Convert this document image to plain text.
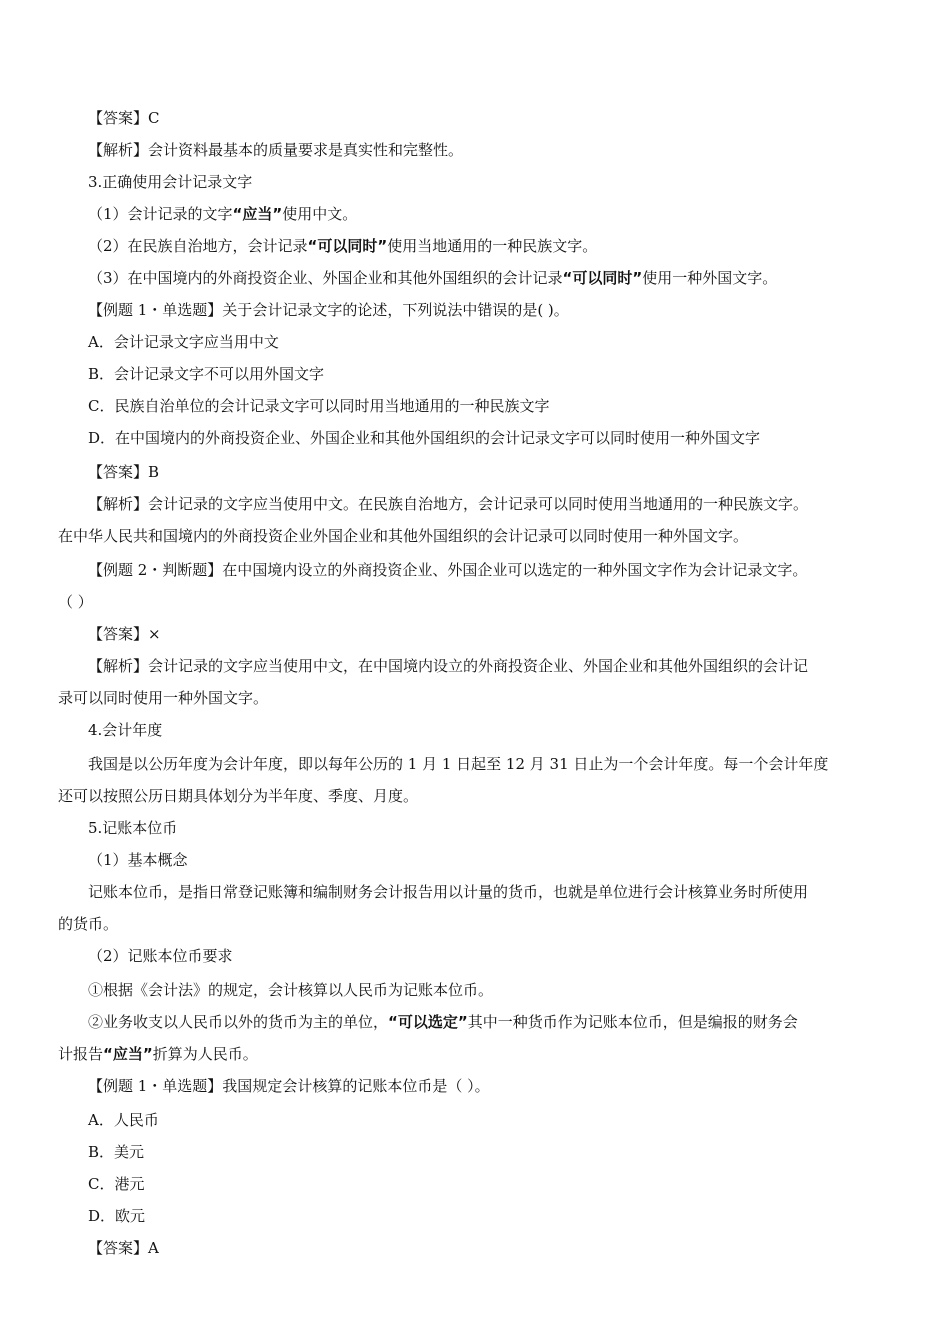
【答案】C
【解析】会计资料最基本的质量要求是真实性和完整性。
3.正确使用会计记录文字
（1）会计记录的文字“应当”使用中文。
（2）在民族自治地方，会计记录“可以同时”使用当地通用的一种民族文字。
（3）在中国境内的外商投资企业、外国企业和其他外国组织的会计记录“可以同时”使用一种外国文字。
【例题 1・单选题】关于会计记录文字的论述，下列说法中错误的是( )。
A．会计记录文字应当用中文
B．会计记录文字不可以用外国文字
C．民族自治单位的会计记录文字可以同时用当地通用的一种民族文字
D．在中国境内的外商投资企业、外国企业和其他外国组织的会计记录文字可以同时使用一种外国文字
【答案】B
【解析】会计记录的文字应当使用中文。在民族自治地方，会计记录可以同时使用当地通用的一种民族文字。
在中华人民共和国境内的外商投资企业外国企业和其他外国组织的会计记录可以同时使用一种外国文字。
【例题 2・判断题】在中国境内设立的外商投资企业、外国企业可以选定的一种外国文字作为会计记录文字。
（ ）
【答案】×
【解析】会计记录的文字应当使用中文，在中国境内设立的外商投资企业、外国企业和其他外国组织的会计记
录可以同时使用一种外国文字。
4.会计年度
我国是以公历年度为会计年度，即以每年公历的 1 月 1 日起至 12 月 31 日止为一个会计年度。每一个会计年度
还可以按照公历日期具体划分为半年度、季度、月度。
5.记账本位币
（1）基本概念
记账本位币，是指日常登记账簿和编制财务会计报告用以计量的货币，也就是单位进行会计核算业务时所使用
的货币。
（2）记账本位币要求
①根据《会计法》的规定，会计核算以人民币为记账本位币。
②业务收支以人民币以外的货币为主的单位，“可以选定”其中一种货币作为记账本位币，但是编报的财务会
计报告“应当”折算为人民币。
【例题 1・单选题】我国规定会计核算的记账本位币是（ ）。
A．人民币
B．美元
C．港元
D．欧元
【答案】A
